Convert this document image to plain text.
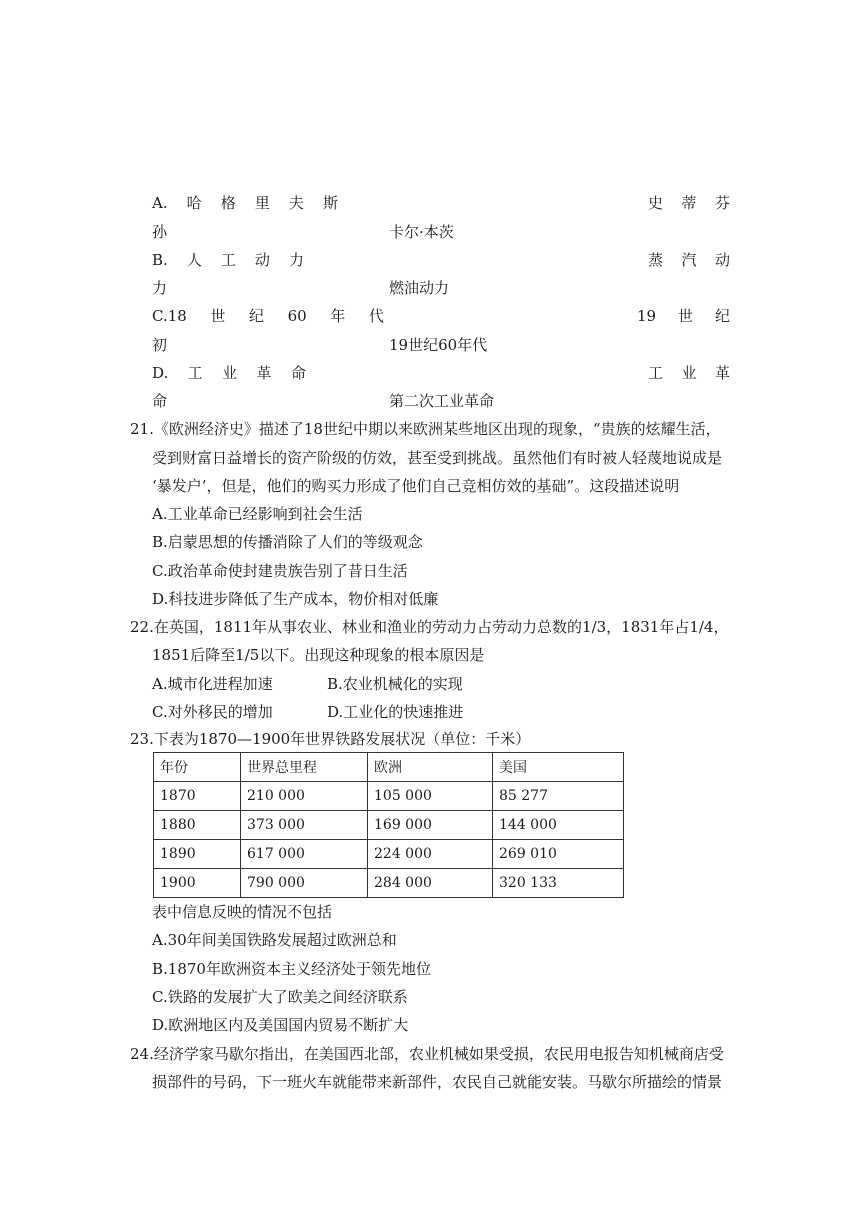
A. 哈 格 里 夫 斯	史 蒂 芬
孙	卡尔·本茨
B. 人 工 动 力	蒸 汽 动
力	燃油动力
C.18 世 纪 60 年 代	19 世 纪
初	19世纪60年代
D. 工 业 革 命	工 业 革
命	第二次工业革命
21.《欧洲经济史》描述了18世纪中期以来欧洲某些地区出现的现象，“贵族的炫耀生活，
受到财富日益增长的资产阶级的仿效，甚至受到挑战。虽然他们有时被人轻蔑地说成是
‘暴发户’，但是，他们的购买力形成了他们自己竞相仿效的基础”。这段描述说明
A.工业革命已经影响到社会生活
B.启蒙思想的传播消除了人们的等级观念
C.政治革命使封建贵族告别了昔日生活
D.科技进步降低了生产成本，物价相对低廉
22.在英国，1811年从事农业、林业和渔业的劳动力占劳动力总数的1/3，1831年占1/4，
1851后降至1/5以下。出现这种现象的根本原因是
A.城市化进程加速	B.农业机械化的实现
C.对外移民的增加	D.工业化的快速推进
23.下表为1870—1900年世界铁路发展状况（单位：千米）
年份	世界总里程	欧洲	美国
1870	210 000	105 000	85 277
1880	373 000	169 000	144 000
1890	617 000	224 000	269 010
1900	790 000	284 000	320 133
表中信息反映的情况不包括
A.30年间美国铁路发展超过欧洲总和
B.1870年欧洲资本主义经济处于领先地位
C.铁路的发展扩大了欧美之间经济联系
D.欧洲地区内及美国国内贸易不断扩大
24.经济学家马歇尔指出，在美国西北部，农业机械如果受损，农民用电报告知机械商店受
损部件的号码，下一班火车就能带来新部件，农民自己就能安装。马歇尔所描绘的情景
